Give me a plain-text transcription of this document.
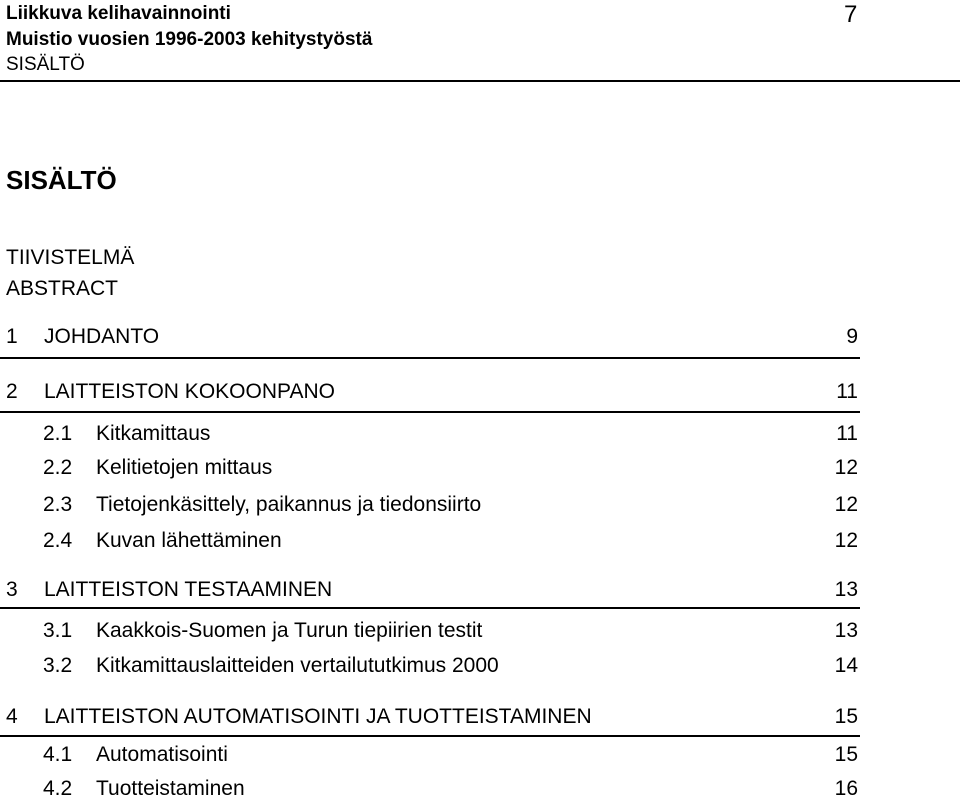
Liikkuva kelihavainnointi
Muistio vuosien 1996-2003 kehitystyöstä
SISÄLTÖ
7
SISÄLTÖ
TIIVISTELMÄ
ABSTRACT
1 JOHDANTO	9
2 LAITTEISTON KOKOONPANO	11
2.1 Kitkamittaus	11
2.2 Kelitietojen mittaus	12
2.3 Tietojenkäsittely, paikannus ja tiedonsiirto	12
2.4 Kuvan lähettäminen	12
3 LAITTEISTON TESTAAMINEN	13
3.1 Kaakkois-Suomen ja Turun tiepiirien testit	13
3.2 Kitkamittauslaitteiden vertailututkimus 2000	14
4 LAITTEISTON AUTOMATISOINTI JA TUOTTEISTAMINEN	15
4.1 Automatisointi	15
4.2 Tuotteistaminen	16
